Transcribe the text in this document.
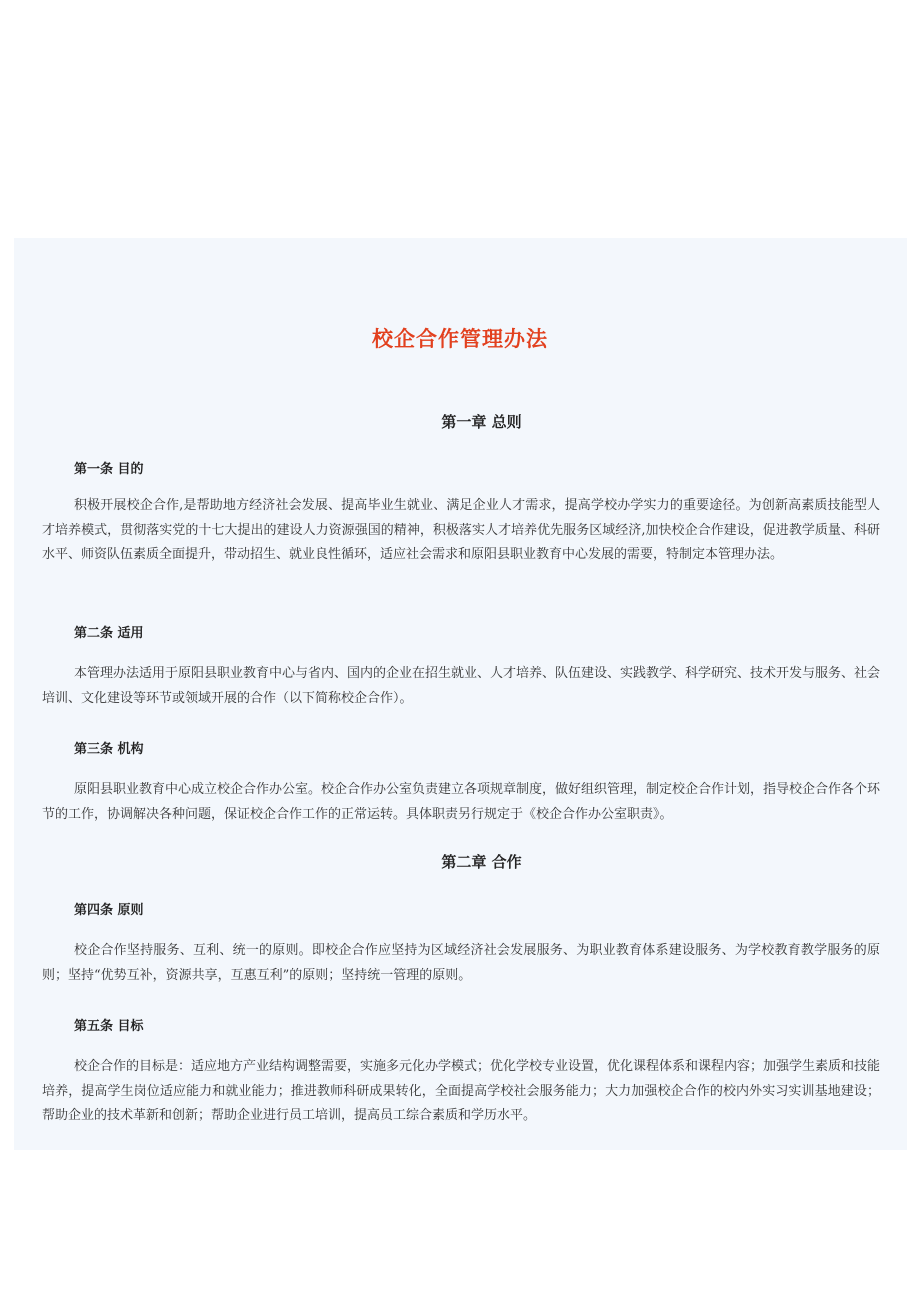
校企合作管理办法
第一章 总则
第一条 目的

积极开展校企合作,是帮助地方经济社会发展、提高毕业生就业、满足企业人才需求，提高学校办学实力的重要途径。为创新高素质技能型人才培养模式，贯彻落实党的十七大提出的建设人力资源强国的精神，积极落实人才培养优先服务区域经济,加快校企合作建设，促进教学质量、科研水平、师资队伍素质全面提升，带动招生、就业良性循环，适应社会需求和原阳县职业教育中心发展的需要，特制定本管理办法。

第二条 适用

本管理办法适用于原阳县职业教育中心与省内、国内的企业在招生就业、人才培养、队伍建设、实践教学、科学研究、技术开发与服务、社会培训、文化建设等环节或领域开展的合作（以下简称校企合作）。

第三条 机构

原阳县职业教育中心成立校企合作办公室。校企合作办公室负责建立各项规章制度，做好组织管理，制定校企合作计划，指导校企合作各个环节的工作，协调解决各种问题，保证校企合作工作的正常运转。具体职责另行规定于《校企合作办公室职责》。

第二章 合作
第四条 原则

校企合作坚持服务、互利、统一的原则。即校企合作应坚持为区域经济社会发展服务、为职业教育体系建设服务、为学校教育教学服务的原则；坚持“优势互补，资源共享，互惠互利”的原则；坚持统一管理的原则。

第五条 目标

校企合作的目标是：适应地方产业结构调整需要，实施多元化办学模式；优化学校专业设置，优化课程体系和课程内容；加强学生素质和技能培养，提高学生岗位适应能力和就业能力；推进教师科研成果转化，全面提高学校社会服务能力；大力加强校企合作的校内外实习实训基地建设；帮助企业的技术革新和创新；帮助企业进行员工培训，提高员工综合素质和学历水平。
